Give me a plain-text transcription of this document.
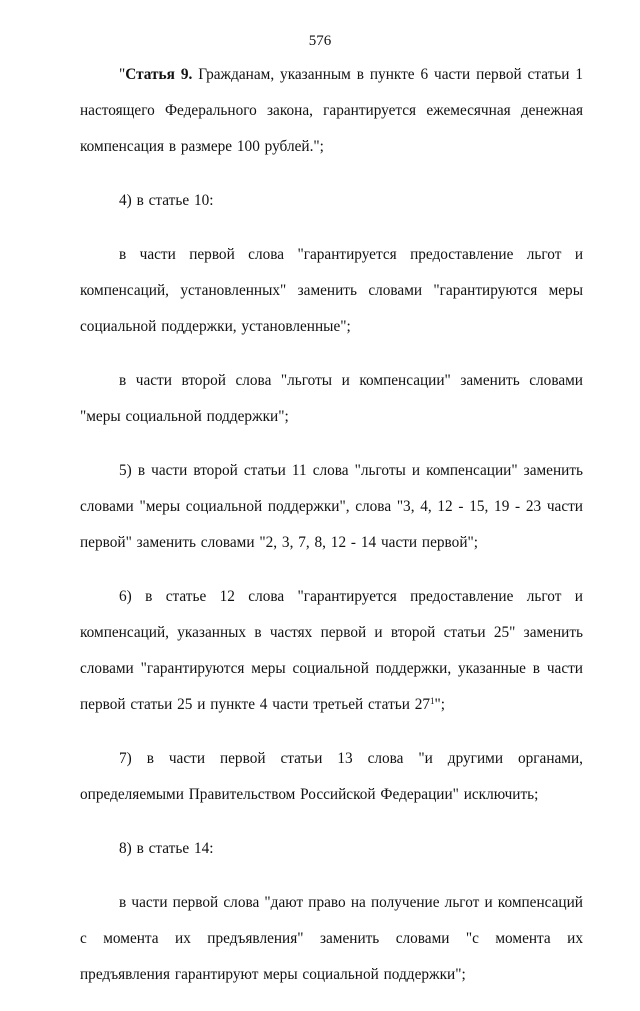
576

"Статья 9. Гражданам, указанным в пункте 6 части первой статьи 1 настоящего Федерального закона, гарантируется ежемесячная денежная компенсация в размере 100 рублей.";

4) в статье 10:

в части первой слова "гарантируется предоставление льгот и компенсаций, установленных" заменить словами "гарантируются меры социальной поддержки, установленные";

в части второй слова "льготы и компенсации" заменить словами "меры социальной поддержки";

5) в части второй статьи 11 слова "льготы и компенсации" заменить словами "меры социальной поддержки", слова "3, 4, 12 - 15, 19 - 23 части первой" заменить словами "2, 3, 7, 8, 12 - 14 части первой";

6) в статье 12 слова "гарантируется предоставление льгот и компенсаций, указанных в частях первой и второй статьи 25" заменить словами "гарантируются меры социальной поддержки, указанные в части первой статьи 25 и пункте 4 части третьей статьи $27^1$";

7) в части первой статьи 13 слова "и другими органами, определяемыми Правительством Российской Федерации" исключить;

8) в статье 14:

в части первой слова "дают право на получение льгот и компенсаций с момента их предъявления" заменить словами "с момента их предъявления гарантируют меры социальной поддержки";
